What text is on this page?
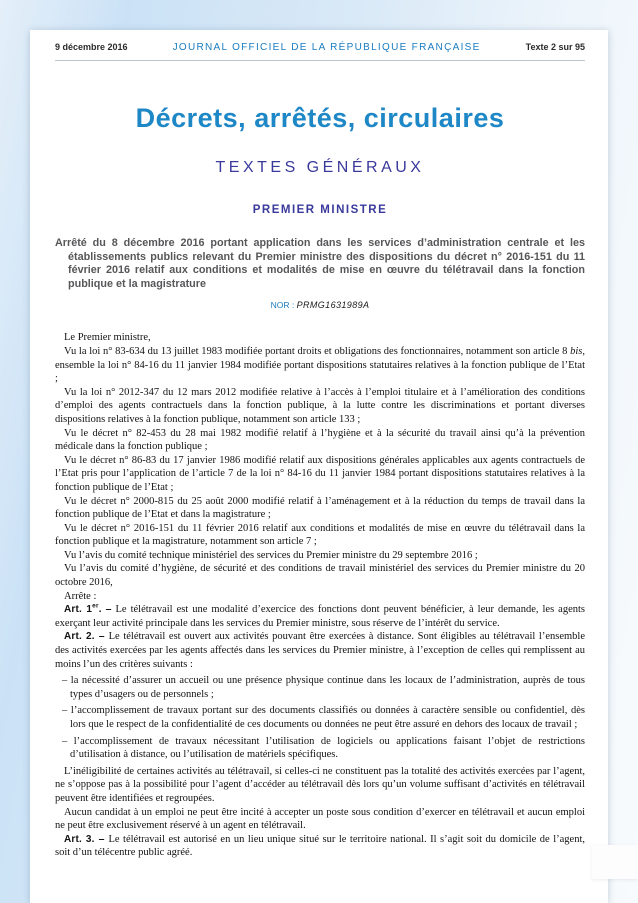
9 décembre 2016	JOURNAL OFFICIEL DE LA RÉPUBLIQUE FRANÇAISE	Texte 2 sur 95
Décrets, arrêtés, circulaires
TEXTES GÉNÉRAUX
PREMIER MINISTRE
Arrêté du 8 décembre 2016 portant application dans les services d’administration centrale et les établissements publics relevant du Premier ministre des dispositions du décret n° 2016-151 du 11 février 2016 relatif aux conditions et modalités de mise en œuvre du télétravail dans la fonction publique et la magistrature
NOR : PRMG1631989A

Le Premier ministre,

Vu la loi n° 83-634 du 13 juillet 1983 modifiée portant droits et obligations des fonctionnaires, notamment son article 8 bis, ensemble la loi n° 84-16 du 11 janvier 1984 modifiée portant dispositions statutaires relatives à la fonction publique de l’Etat ;

Vu la loi n° 2012-347 du 12 mars 2012 modifiée relative à l’accès à l’emploi titulaire et à l’amélioration des conditions d’emploi des agents contractuels dans la fonction publique, à la lutte contre les discriminations et portant diverses dispositions relatives à la fonction publique, notamment son article 133 ;

Vu le décret n° 82-453 du 28 mai 1982 modifié relatif à l’hygiène et à la sécurité du travail ainsi qu’à la prévention médicale dans la fonction publique ;

Vu le décret n° 86-83 du 17 janvier 1986 modifié relatif aux dispositions générales applicables aux agents contractuels de l’Etat pris pour l’application de l’article 7 de la loi n° 84-16 du 11 janvier 1984 portant dispositions statutaires relatives à la fonction publique de l’Etat ;

Vu le décret n° 2000-815 du 25 août 2000 modifié relatif à l’aménagement et à la réduction du temps de travail dans la fonction publique de l’Etat et dans la magistrature ;

Vu le décret n° 2016-151 du 11 février 2016 relatif aux conditions et modalités de mise en œuvre du télétravail dans la fonction publique et la magistrature, notamment son article 7 ;

Vu l’avis du comité technique ministériel des services du Premier ministre du 29 septembre 2016 ;

Vu l’avis du comité d’hygiène, de sécurité et des conditions de travail ministériel des services du Premier ministre du 20 octobre 2016,

Arrête :

Art. 1er. – Le télétravail est une modalité d’exercice des fonctions dont peuvent bénéficier, à leur demande, les agents exerçant leur activité principale dans les services du Premier ministre, sous réserve de l’intérêt du service.

Art. 2. – Le télétravail est ouvert aux activités pouvant être exercées à distance. Sont éligibles au télétravail l’ensemble des activités exercées par les agents affectés dans les services du Premier ministre, à l’exception de celles qui remplissent au moins l’un des critères suivants :

– la nécessité d’assurer un accueil ou une présence physique continue dans les locaux de l’administration, auprès de tous types d’usagers ou de personnels ;
– l’accomplissement de travaux portant sur des documents classifiés ou données à caractère sensible ou confidentiel, dès lors que le respect de la confidentialité de ces documents ou données ne peut être assuré en dehors des locaux de travail ;
– l’accomplissement de travaux nécessitant l’utilisation de logiciels ou applications faisant l’objet de restrictions d’utilisation à distance, ou l’utilisation de matériels spécifiques.

L’inéligibilité de certaines activités au télétravail, si celles-ci ne constituent pas la totalité des activités exercées par l’agent, ne s’oppose pas à la possibilité pour l’agent d’accéder au télétravail dès lors qu’un volume suffisant d’activités en télétravail peuvent être identifiées et regroupées.

Aucun candidat à un emploi ne peut être incité à accepter un poste sous condition d’exercer en télétravail et aucun emploi ne peut être exclusivement réservé à un agent en télétravail.

Art. 3. – Le télétravail est autorisé en un lieu unique situé sur le territoire national. Il s’agit soit du domicile de l’agent, soit d’un télécentre public agréé.
